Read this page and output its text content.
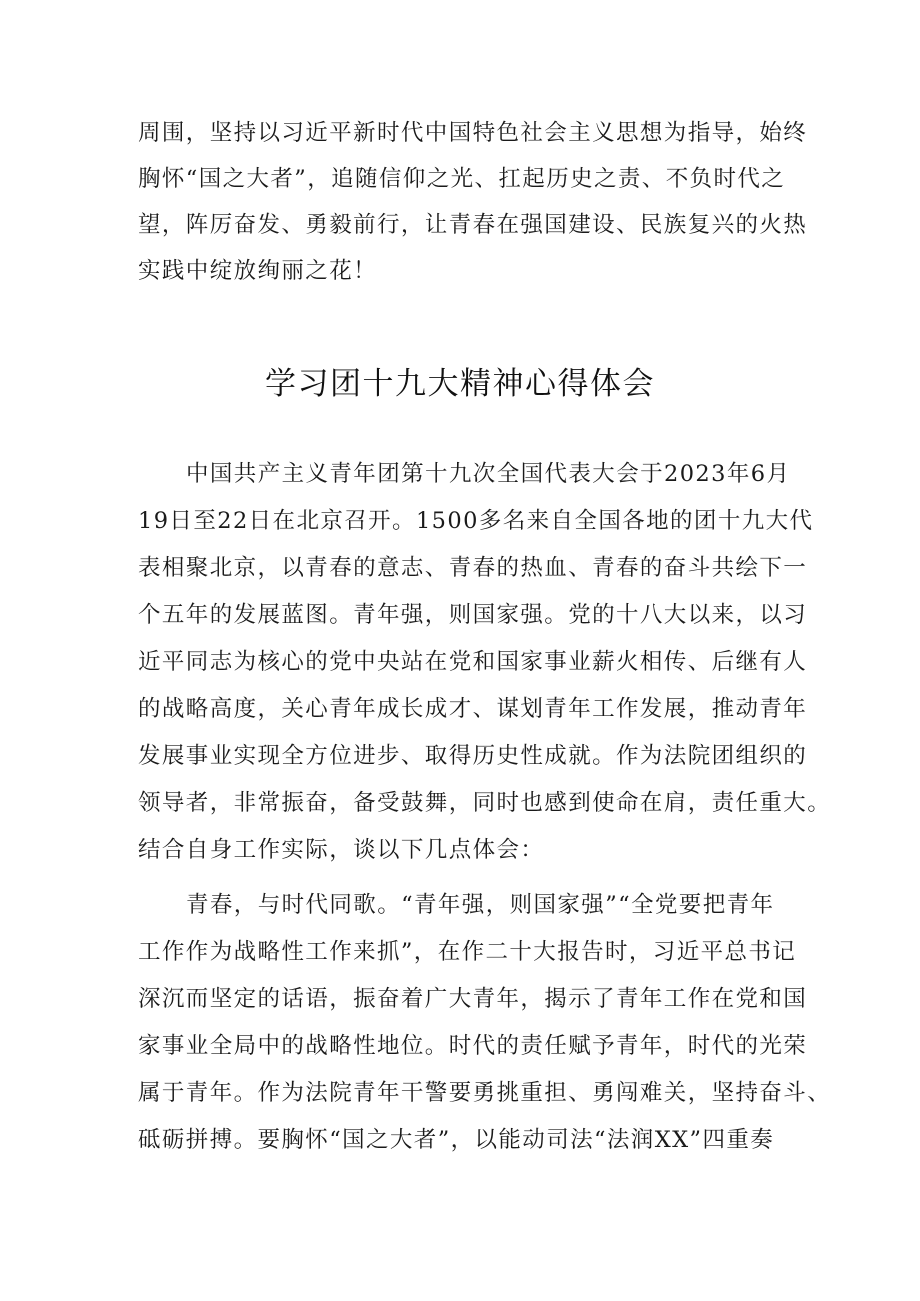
周围，坚持以习近平新时代中国特色社会主义思想为指导，始终
胸怀“国之大者”，追随信仰之光、扛起历史之责、不负时代之
望，阵厉奋发、勇毅前行，让青春在强国建设、民族复兴的火热
实践中绽放绚丽之花！
学习团十九大精神心得体会
中国共产主义青年团第十九次全国代表大会于2023年6月
19日至22日在北京召开。1500多名来自全国各地的团十九大代
表相聚北京，以青春的意志、青春的热血、青春的奋斗共绘下一
个五年的发展蓝图。青年强，则国家强。党的十八大以来，以习
近平同志为核心的党中央站在党和国家事业薪火相传、后继有人
的战略高度，关心青年成长成才、谋划青年工作发展，推动青年
发展事业实现全方位进步、取得历史性成就。作为法院团组织的
领导者，非常振奋，备受鼓舞，同时也感到使命在肩，责任重大。
结合自身工作实际，谈以下几点体会：
青春，与时代同歌。“青年强，则国家强”“全党要把青年
工作作为战略性工作来抓”，在作二十大报告时，习近平总书记
深沉而坚定的话语，振奋着广大青年，揭示了青年工作在党和国
家事业全局中的战略性地位。时代的责任赋予青年，时代的光荣
属于青年。作为法院青年干警要勇挑重担、勇闯难关，坚持奋斗、
砥砺拼搏。要胸怀“国之大者”，以能动司法“法润XX”四重奏
